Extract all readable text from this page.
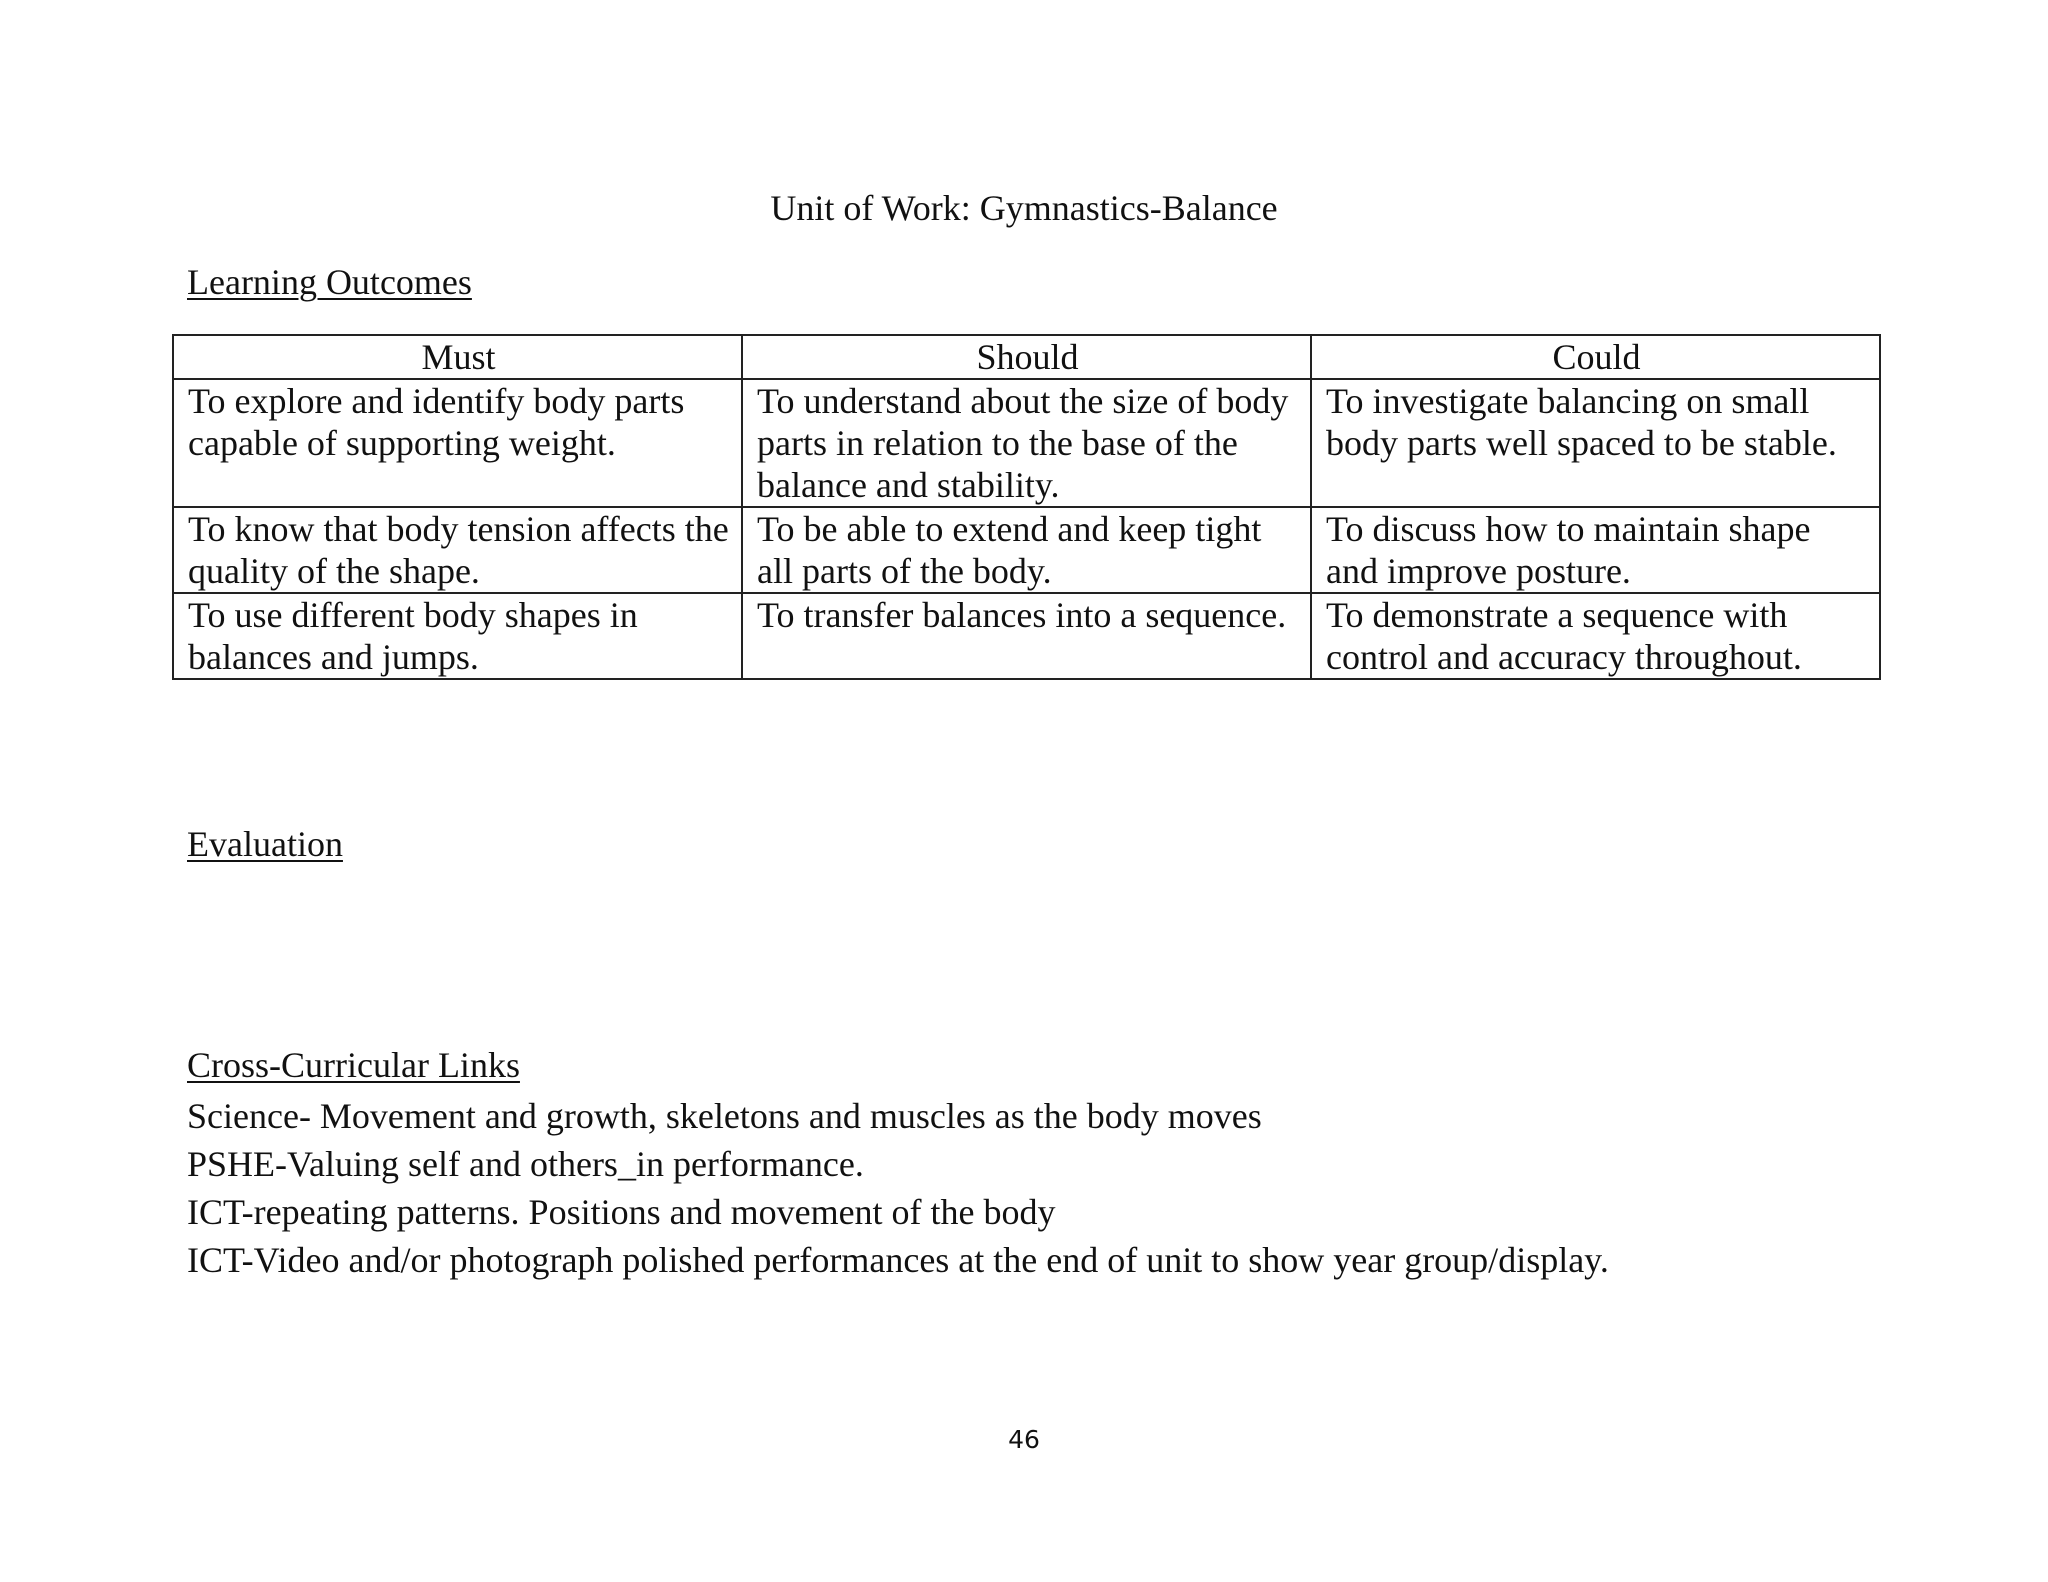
Unit of Work: Gymnastics-Balance
Learning Outcomes
Must	Should	Could
To explore and identify body parts capable of supporting weight.	To understand about the size of body parts in relation to the base of the balance and stability.	To investigate balancing on small body parts well spaced to be stable.
To know that body tension affects the quality of the shape.	To be able to extend and keep tight all parts of the body.	To discuss how to maintain shape and improve posture.
To use different body shapes in balances and jumps.	To transfer balances into a sequence.	To demonstrate a sequence with control and accuracy throughout.
Evaluation
Cross-Curricular Links
Science- Movement and growth, skeletons and muscles as the body moves
PSHE-Valuing self and others_in performance.
ICT-repeating patterns. Positions and movement of the body
ICT-Video and/or photograph polished performances at the end of unit to show year group/display.
46
